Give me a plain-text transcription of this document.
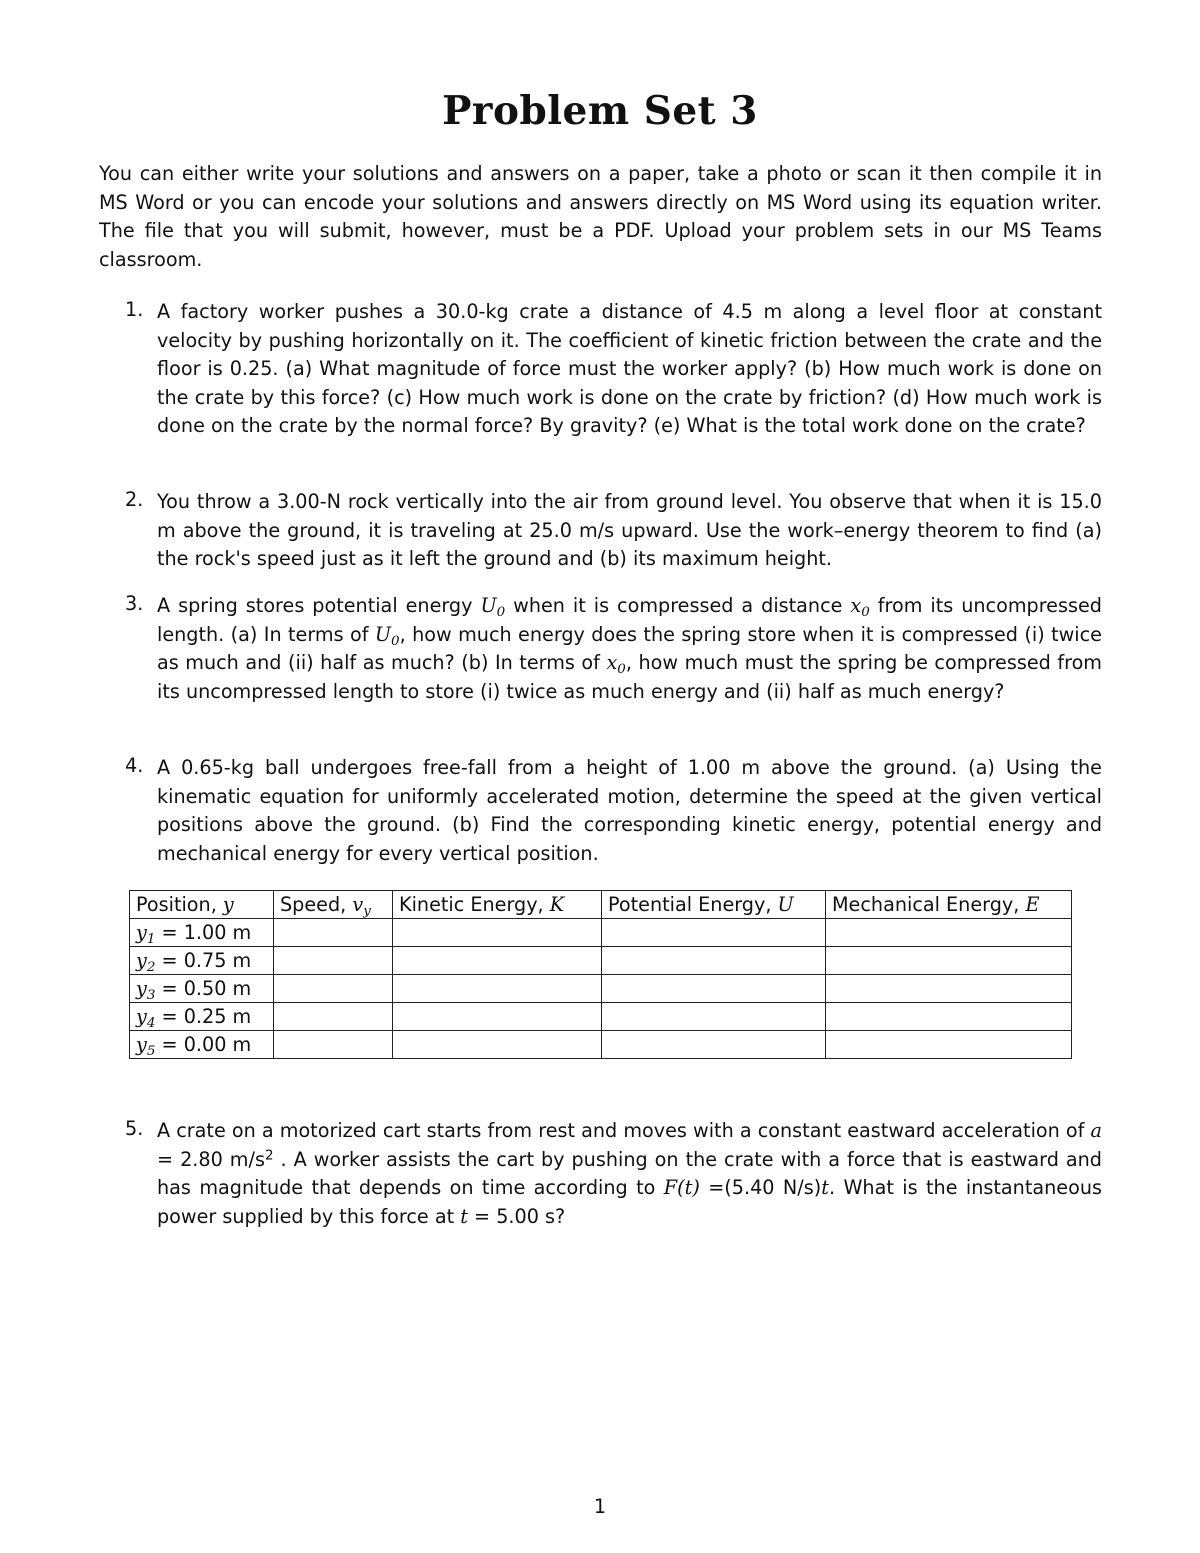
Problem Set 3
You can either write your solutions and answers on a paper, take a photo or scan it then compile it in MS Word or you can encode your solutions and answers directly on MS Word using its equation writer. The file that you will submit, however, must be a PDF. Upload your problem sets in our MS Teams classroom.
1. A factory worker pushes a 30.0-kg crate a distance of 4.5 m along a level floor at constant velocity by pushing horizontally on it. The coefficient of kinetic friction between the crate and the floor is 0.25. (a) What magnitude of force must the worker apply? (b) How much work is done on the crate by this force? (c) How much work is done on the crate by friction? (d) How much work is done on the crate by the normal force? By gravity? (e) What is the total work done on the crate?
2. You throw a 3.00-N rock vertically into the air from ground level. You observe that when it is 15.0 m above the ground, it is traveling at 25.0 m/s upward. Use the work–energy theorem to find (a) the rock's speed just as it left the ground and (b) its maximum height.
3. A spring stores potential energy $U_0$ when it is compressed a distance $x_0$ from its uncompressed length. (a) In terms of $U_0$, how much energy does the spring store when it is compressed (i) twice as much and (ii) half as much? (b) In terms of $x_0$, how much must the spring be compressed from its uncompressed length to store (i) twice as much energy and (ii) half as much energy?
4. A 0.65-kg ball undergoes free-fall from a height of 1.00 m above the ground. (a) Using the kinematic equation for uniformly accelerated motion, determine the speed at the given vertical positions above the ground. (b) Find the corresponding kinetic energy, potential energy and mechanical energy for every vertical position.
Position, y	Speed, $v_y$	Kinetic Energy, K	Potential Energy, U	Mechanical Energy, E
$y_1 = 1.00$ m				
$y_2 = 0.75$ m				
$y_3 = 0.50$ m				
$y_4 = 0.25$ m				
$y_5 = 0.00$ m				
5. A crate on a motorized cart starts from rest and moves with a constant eastward acceleration of a = 2.80 $m/s^2$ . A worker assists the cart by pushing on the crate with a force that is eastward and has magnitude that depends on time according to F(t) =(5.40 N/s)t. What is the instantaneous power supplied by this force at t = 5.00 s?
1
